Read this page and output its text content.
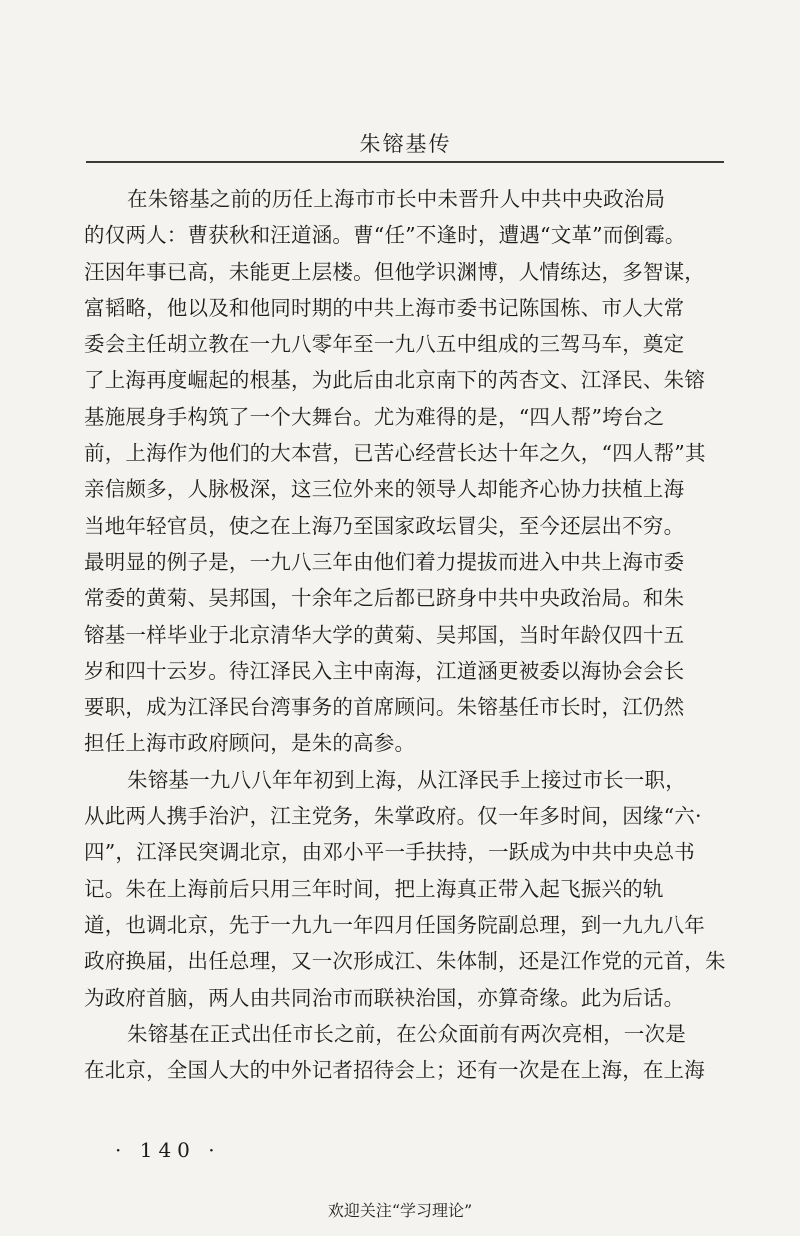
朱镕基传
在朱镕基之前的历任上海市市长中未晋升人中共中央政治局
的仅两人：曹获秋和汪道涵。曹“任”不逢时，遭遇“文革”而倒霉。
汪因年事已高，未能更上层楼。但他学识渊博，人情练达，多智谋，
富韬略，他以及和他同时期的中共上海市委书记陈国栋、市人大常
委会主任胡立教在一九八零年至一九八五中组成的三驾马车，奠定
了上海再度崛起的根基，为此后由北京南下的芮杏文、江泽民、朱镕
基施展身手构筑了一个大舞台。尤为难得的是，“四人帮”垮台之
前，上海作为他们的大本营，已苦心经营长达十年之久，“四人帮”其
亲信颇多，人脉极深，这三位外来的领导人却能齐心协力扶植上海
当地年轻官员，使之在上海乃至国家政坛冒尖，至今还层出不穷。
最明显的例子是，一九八三年由他们着力提拔而进入中共上海市委
常委的黄菊、吴邦国，十余年之后都已跻身中共中央政治局。和朱
镕基一样毕业于北京清华大学的黄菊、吴邦国，当时年龄仅四十五
岁和四十云岁。待江泽民入主中南海，江道涵更被委以海协会会长
要职，成为江泽民台湾事务的首席顾问。朱镕基任市长时，江仍然
担任上海市政府顾问，是朱的高参。
朱镕基一九八八年年初到上海，从江泽民手上接过市长一职，
从此两人携手治沪，江主党务，朱掌政府。仅一年多时间，因缘“六·
四”，江泽民突调北京，由邓小平一手扶持，一跃成为中共中央总书
记。朱在上海前后只用三年时间，把上海真正带入起飞振兴的轨
道，也调北京，先于一九九一年四月任国务院副总理，到一九九八年
政府换届，出任总理，又一次形成江、朱体制，还是江作党的元首，朱
为政府首脑，两人由共同治市而联袂治国，亦算奇缘。此为后话。
朱镕基在正式出任市长之前，在公众面前有两次亮相，一次是
在北京，全国人大的中外记者招待会上；还有一次是在上海，在上海
· 140 ·
欢迎关注“学习理论”
